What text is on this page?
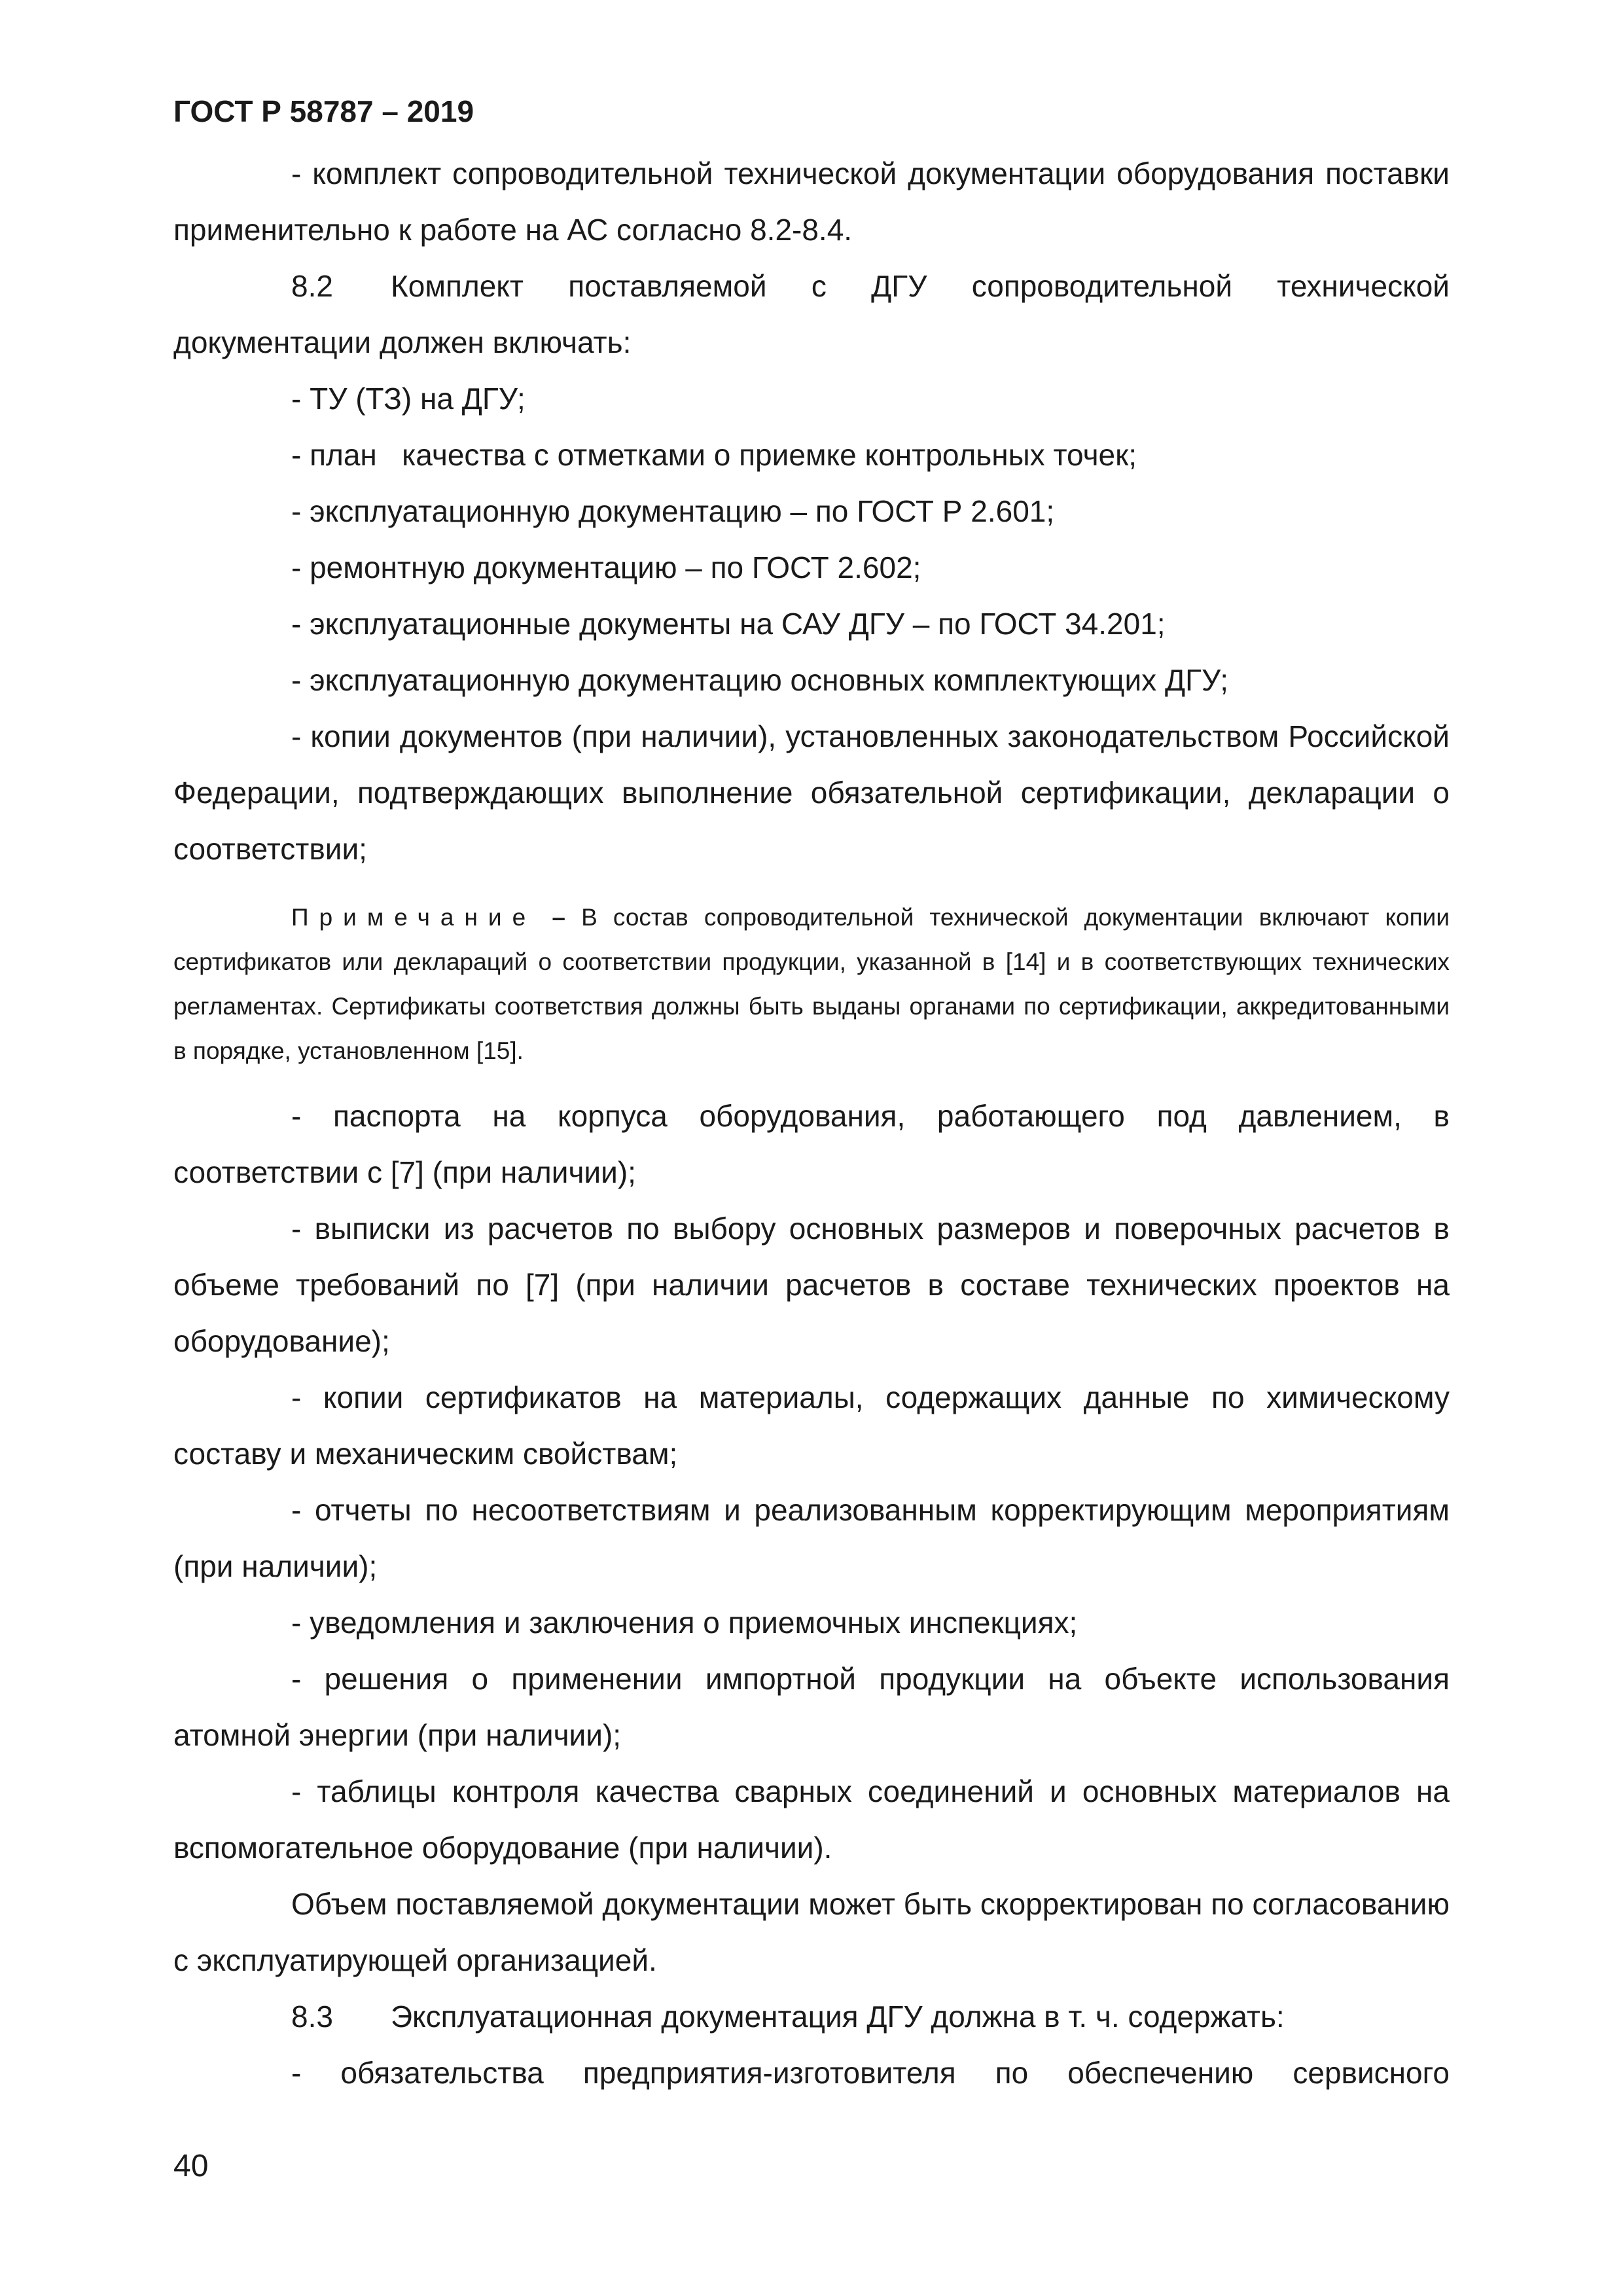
ГОСТ Р 58787 – 2019

- комплект сопроводительной технической документации оборудования поставки применительно к работе на АС согласно 8.2-8.4.

8.2 Комплект поставляемой с ДГУ сопроводительной технической документации должен включать:

- ТУ (ТЗ) на ДГУ;

- план   качества с отметками о приемке контрольных точек;

- эксплуатационную документацию – по ГОСТ Р 2.601;

- ремонтную документацию – по ГОСТ 2.602;

- эксплуатационные документы на САУ ДГУ – по ГОСТ 34.201;

- эксплуатационную документацию основных комплектующих ДГУ;

- копии документов (при наличии), установленных законодательством Российской Федерации, подтверждающих выполнение обязательной сертификации, декларации о соответствии;

Примечание – В состав сопроводительной технической документации включают копии сертификатов или деклараций о соответствии продукции, указанной в [14] и в соответствующих технических регламентах. Сертификаты соответствия должны быть выданы органами по сертификации, аккредитованными в порядке, установленном [15].

- паспорта на корпуса оборудования, работающего под давлением, в соответствии с [7] (при наличии);

- выписки из расчетов по выбору основных размеров и поверочных расчетов в объеме требований по [7] (при наличии расчетов в составе технических проектов на оборудование);

- копии сертификатов на материалы, содержащих данные по химическому составу и механическим свойствам;

- отчеты по несоответствиям и реализованным корректирующим мероприятиям (при наличии);

- уведомления и заключения о приемочных инспекциях;

- решения о применении импортной продукции на объекте использования атомной энергии (при наличии);

- таблицы контроля качества сварных соединений и основных материалов на вспомогательное оборудование (при наличии).

Объем поставляемой документации может быть скорректирован по согласованию с эксплуатирующей организацией.

8.3 Эксплуатационная документация ДГУ должна в т. ч. содержать:

- обязательства предприятия-изготовителя по обеспечению сервисного

40
